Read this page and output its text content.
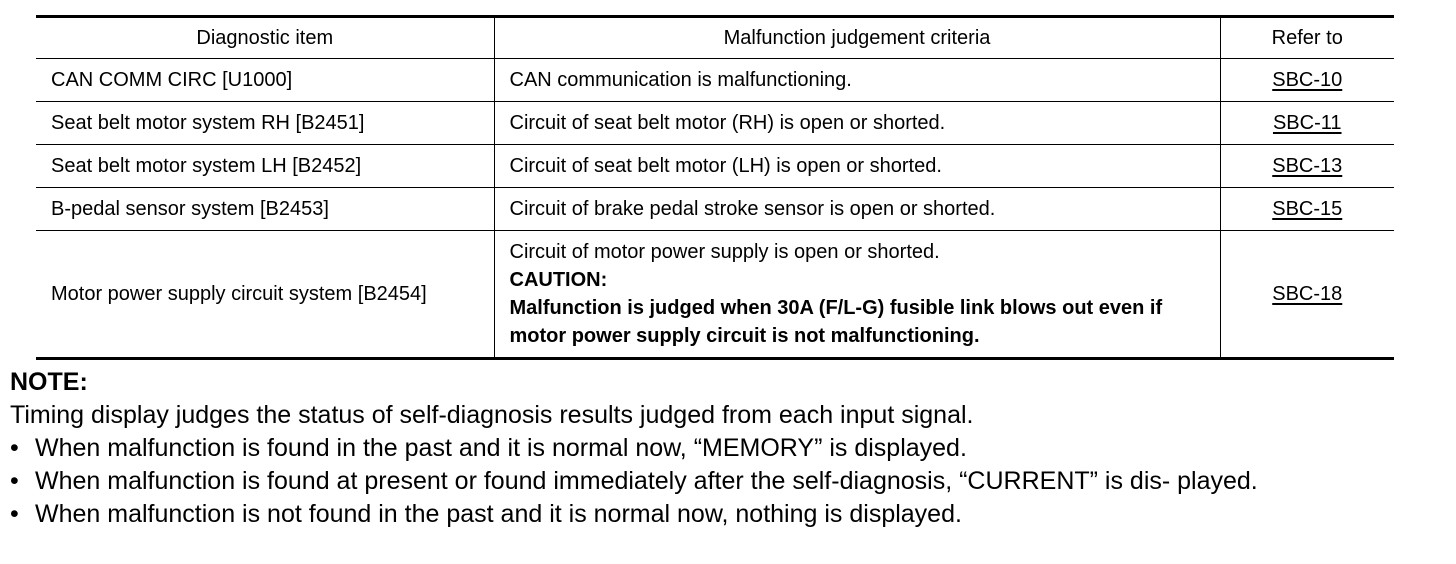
Diagnostic item	Malfunction judgement criteria	Refer to
CAN COMM CIRC [U1000]	CAN communication is malfunctioning.	SBC-10
Seat belt motor system RH [B2451]	Circuit of seat belt motor (RH) is open or shorted.	SBC-11
Seat belt motor system LH [B2452]	Circuit of seat belt motor (LH) is open or shorted.	SBC-13
B-pedal sensor system [B2453]	Circuit of brake pedal stroke sensor is open or shorted.	SBC-15
Motor power supply circuit system [B2454]	Circuit of motor power supply is open or shorted.
CAUTION:
Malfunction is judged when 30A (F/L-G) fusible link blows out even if motor power supply circuit is not malfunctioning.	SBC-18
NOTE:
Timing display judges the status of self-diagnosis results judged from each input signal.
• When malfunction is found in the past and it is normal now, “MEMORY” is displayed.
• When malfunction is found at present or found immediately after the self-diagnosis, “CURRENT” is dis- played.
• When malfunction is not found in the past and it is normal now, nothing is displayed.
